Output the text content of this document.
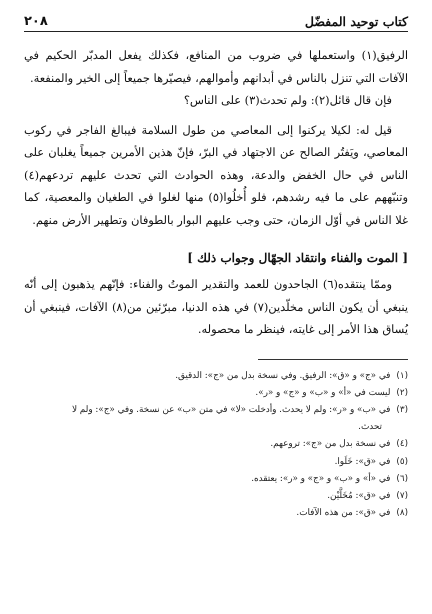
كتاب توحيد المفضّل
٢٠٨

الرفيق(١) واستعملها في ضروب من المنافع، فكذلك يفعل المدبّر الحكيم في الآفات التي تنزل بالناس في أبدانهم وأموالهم، فيصيّرها جميعاً إلى الخير والمنفعة.

فإن قال قائل(٢): ولم تحدث(٣) على الناس؟

قيل له: لكيلا يركنوا إلى المعاصي من طول السلامة فيبالغ الفاجر في ركوب المعاصي، ويَفتُر الصالح عن الاجتهاد في البرّ، فإنّ هذين الأمرين جميعاً يغلبان على الناس في حال الخفض والدعة، وهذه الحوادث التي تحدث عليهم تردعهم(٤) وتنبّههم على ما فيه رشدهم، فلو أُخلُوا(٥) منها لغلوا في الطغيان والمعصية، كما غلا الناس في أوّل الزمان، حتى وجب عليهم البوار بالطوفان وتطهير الأرض منهم.

[ الموت والفناء وانتقاد الجهّال وجواب ذلك ]

وممّا ينتقده(٦) الجاحدون للعمد والتقدير الموتُ والفناء: فإنّهم يذهبون إلى أنّه ينبغي أن يكون الناس مخلّدين(٧) في هذه الدنيا، مبرّئين من(٨) الآفات، فينبغي أن يُساق هذا الأمر إلى غايته، فينظر ما محصوله.

(١)
في «ج» و «ق»: الرفيق. وفي نسخة بدل من «ج»: الدقيق.
(٢)
ليست في «أ» و «ب» و «ج» و «ر».
(٣)
في «ب» و «ر»: ولم لا يحدث. وأدخلت «لا» في متن «ب» عن نسخة. وفي «ج»: ولم لا
تحدث.
(٤)
في نسخة بدل من «ج»: تروعهم.
(٥)
في «ق»: خَلَوا.
(٦)
في «أ» و «ب» و «ج» و «ر»: يعتقده.
(٧)
في «ق»: مُخَلَّيْن.
(٨)
في «ق»: من هذه الآفات.
